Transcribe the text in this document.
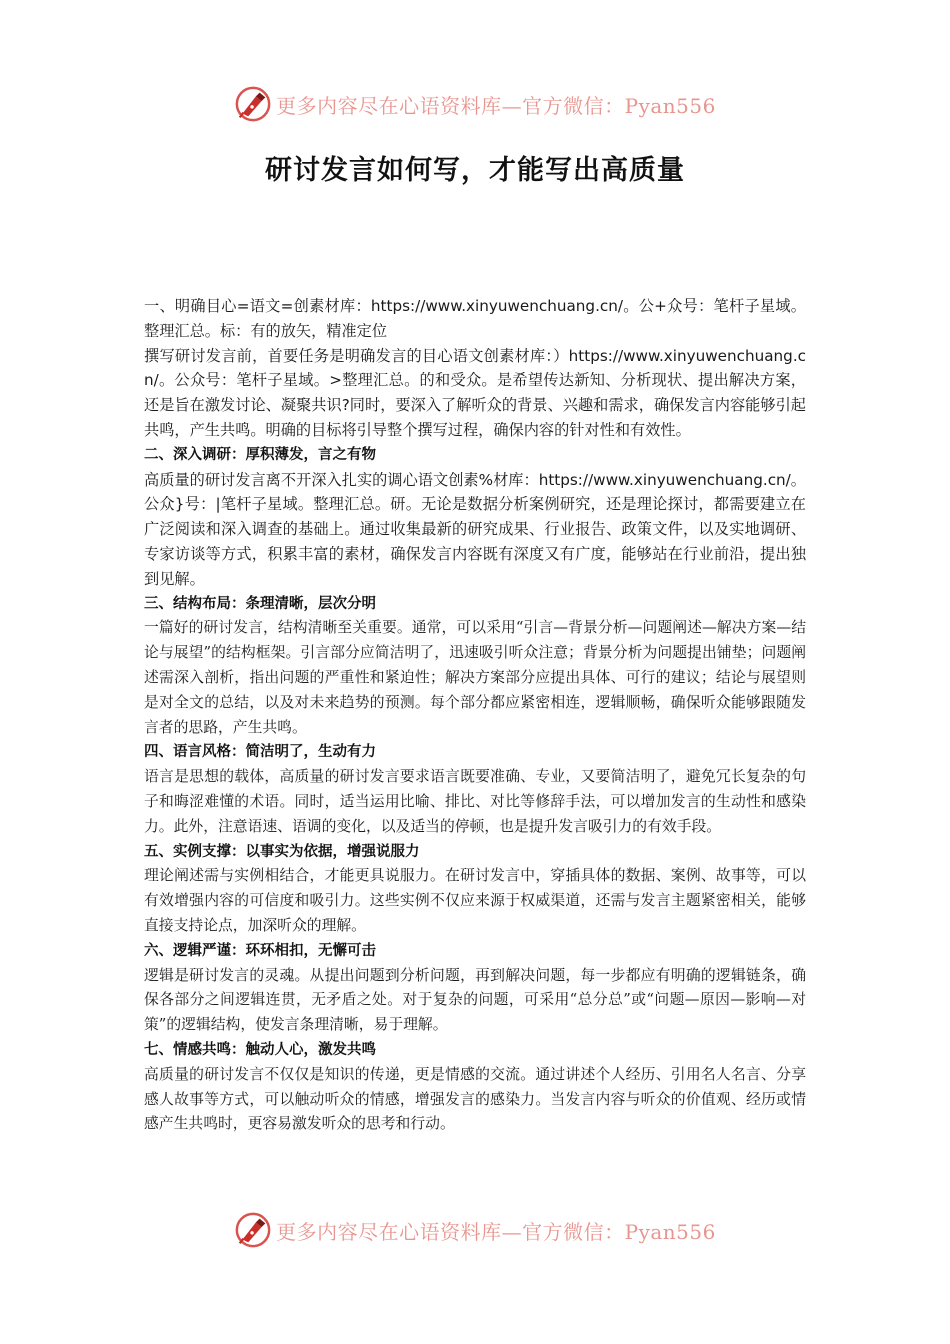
更多内容尽在心语资料库—官方微信：Pyan556
研讨发言如何写，才能写出高质量

一、明确目心=语文=创素材库：https://www.xinyuwenchuang.cn/。公+众号：笔杆子星域。整理汇总。标：有的放矢，精准定位

撰写研讨发言前，首要任务是明确发言的目心语文创素材库：）https://www.xinyuwenchuang.cn/。公众号：笔杆子星域。>整理汇总。的和受众。是希望传达新知、分析现状、提出解决方案，还是旨在激发讨论、凝聚共识?同时，要深入了解听众的背景、兴趣和需求，确保发言内容能够引起共鸣，产生共鸣。明确的目标将引导整个撰写过程，确保内容的针对性和有效性。

二、深入调研：厚积薄发，言之有物

高质量的研讨发言离不开深入扎实的调心语文创素%材库：https://www.xinyuwenchuang.cn/。公众}号：|笔杆子星域。整理汇总。研。无论是数据分析案例研究，还是理论探讨，都需要建立在广泛阅读和深入调查的基础上。通过收集最新的研究成果、行业报告、政策文件，以及实地调研、专家访谈等方式，积累丰富的素材，确保发言内容既有深度又有广度，能够站在行业前沿，提出独到见解。

三、结构布局：条理清晰，层次分明

一篇好的研讨发言，结构清晰至关重要。通常，可以采用“引言—背景分析—问题阐述—解决方案—结论与展望”的结构框架。引言部分应简洁明了，迅速吸引听众注意；背景分析为问题提出铺垫；问题阐述需深入剖析，指出问题的严重性和紧迫性；解决方案部分应提出具体、可行的建议；结论与展望则是对全文的总结，以及对未来趋势的预测。每个部分都应紧密相连，逻辑顺畅，确保听众能够跟随发言者的思路，产生共鸣。

四、语言风格：简洁明了，生动有力

语言是思想的载体，高质量的研讨发言要求语言既要准确、专业，又要简洁明了，避免冗长复杂的句子和晦涩难懂的术语。同时，适当运用比喻、排比、对比等修辞手法，可以增加发言的生动性和感染力。此外，注意语速、语调的变化，以及适当的停顿，也是提升发言吸引力的有效手段。

五、实例支撑：以事实为依据，增强说服力

理论阐述需与实例相结合，才能更具说服力。在研讨发言中，穿插具体的数据、案例、故事等，可以有效增强内容的可信度和吸引力。这些实例不仅应来源于权威渠道，还需与发言主题紧密相关，能够直接支持论点，加深听众的理解。

六、逻辑严谨：环环相扣，无懈可击

逻辑是研讨发言的灵魂。从提出问题到分析问题，再到解决问题，每一步都应有明确的逻辑链条，确保各部分之间逻辑连贯，无矛盾之处。对于复杂的问题，可采用“总分总”或“问题—原因—影响—对策”的逻辑结构，使发言条理清晰，易于理解。

七、情感共鸣：触动人心，激发共鸣

高质量的研讨发言不仅仅是知识的传递，更是情感的交流。通过讲述个人经历、引用名人名言、分享感人故事等方式，可以触动听众的情感，增强发言的感染力。当发言内容与听众的价值观、经历或情感产生共鸣时，更容易激发听众的思考和行动。

更多内容尽在心语资料库—官方微信：Pyan556
